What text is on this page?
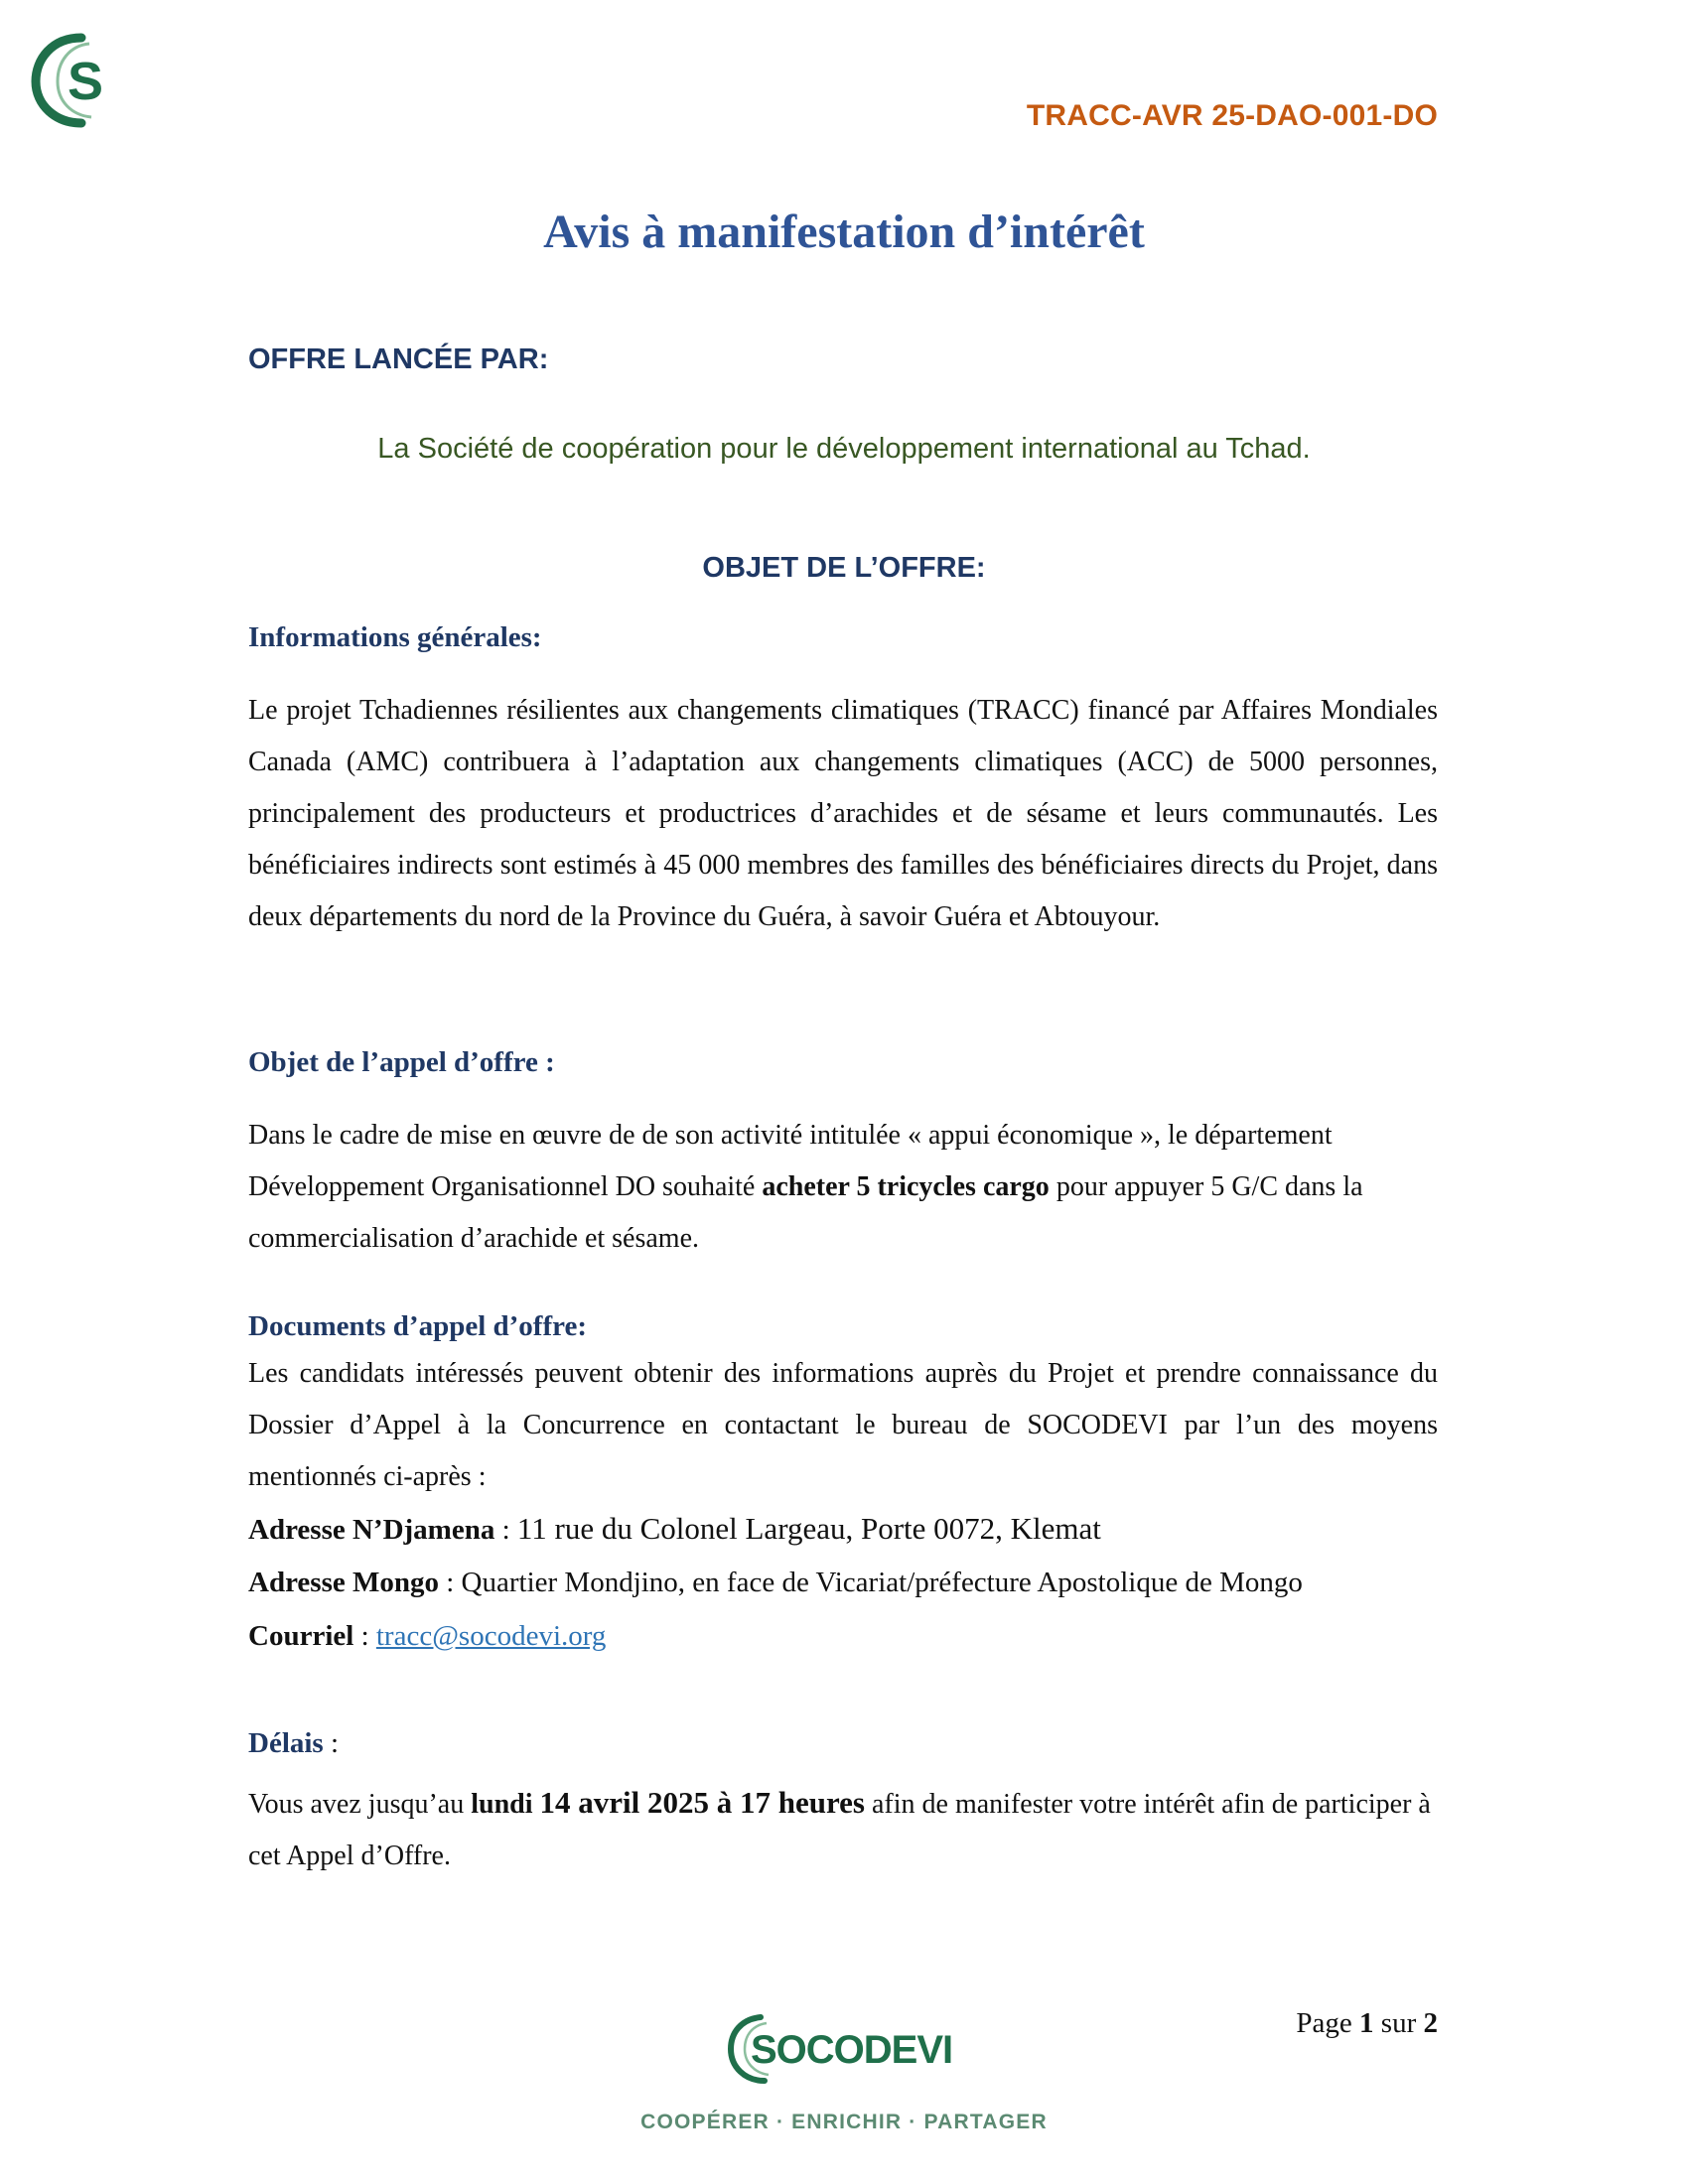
S
TRACC-AVR 25-DAO-001-DO
Avis à manifestation d’intérêt
OFFRE LANCÉE PAR:
La Société de coopération pour le développement international au Tchad.
OBJET DE L’OFFRE:
Informations générales:

Le projet Tchadiennes résilientes aux changements climatiques (TRACC) financé par Affaires Mondiales Canada (AMC) contribuera à l’adaptation aux changements climatiques (ACC) de 5000 personnes, principalement des producteurs et productrices d’arachides et de sésame et leurs communautés. Les bénéficiaires indirects sont estimés à 45 000 membres des familles des bénéficiaires directs du Projet, dans deux départements du nord de la Province du Guéra, à savoir Guéra et Abtouyour.

Objet de l’appel d’offre :

Dans le cadre de mise en œuvre de de son activité intitulée « appui économique », le département Développement Organisationnel DO souhaité acheter 5 tricycles cargo pour appuyer 5 G/C dans la commercialisation d’arachide et sésame.

Documents d’appel d’offre:

Les candidats intéressés peuvent obtenir des informations auprès du Projet et prendre connaissance du Dossier d’Appel à la Concurrence en contactant le bureau de SOCODEVI par l’un des moyens mentionnés ci-après :

Adresse N’Djamena : 11 rue du Colonel Largeau, Porte 0072, Klemat
Adresse Mongo : Quartier Mondjino, en face de Vicariat/préfecture Apostolique de Mongo
Courriel : tracc@socodevi.org
Délais :

Vous avez jusqu’au lundi 14 avril 2025 à 17 heures afin de manifester votre intérêt afin de participer à cet Appel d’Offre.

Page 1 sur 2
SOCODEVI
COOPÉRER · ENRICHIR · PARTAGER
